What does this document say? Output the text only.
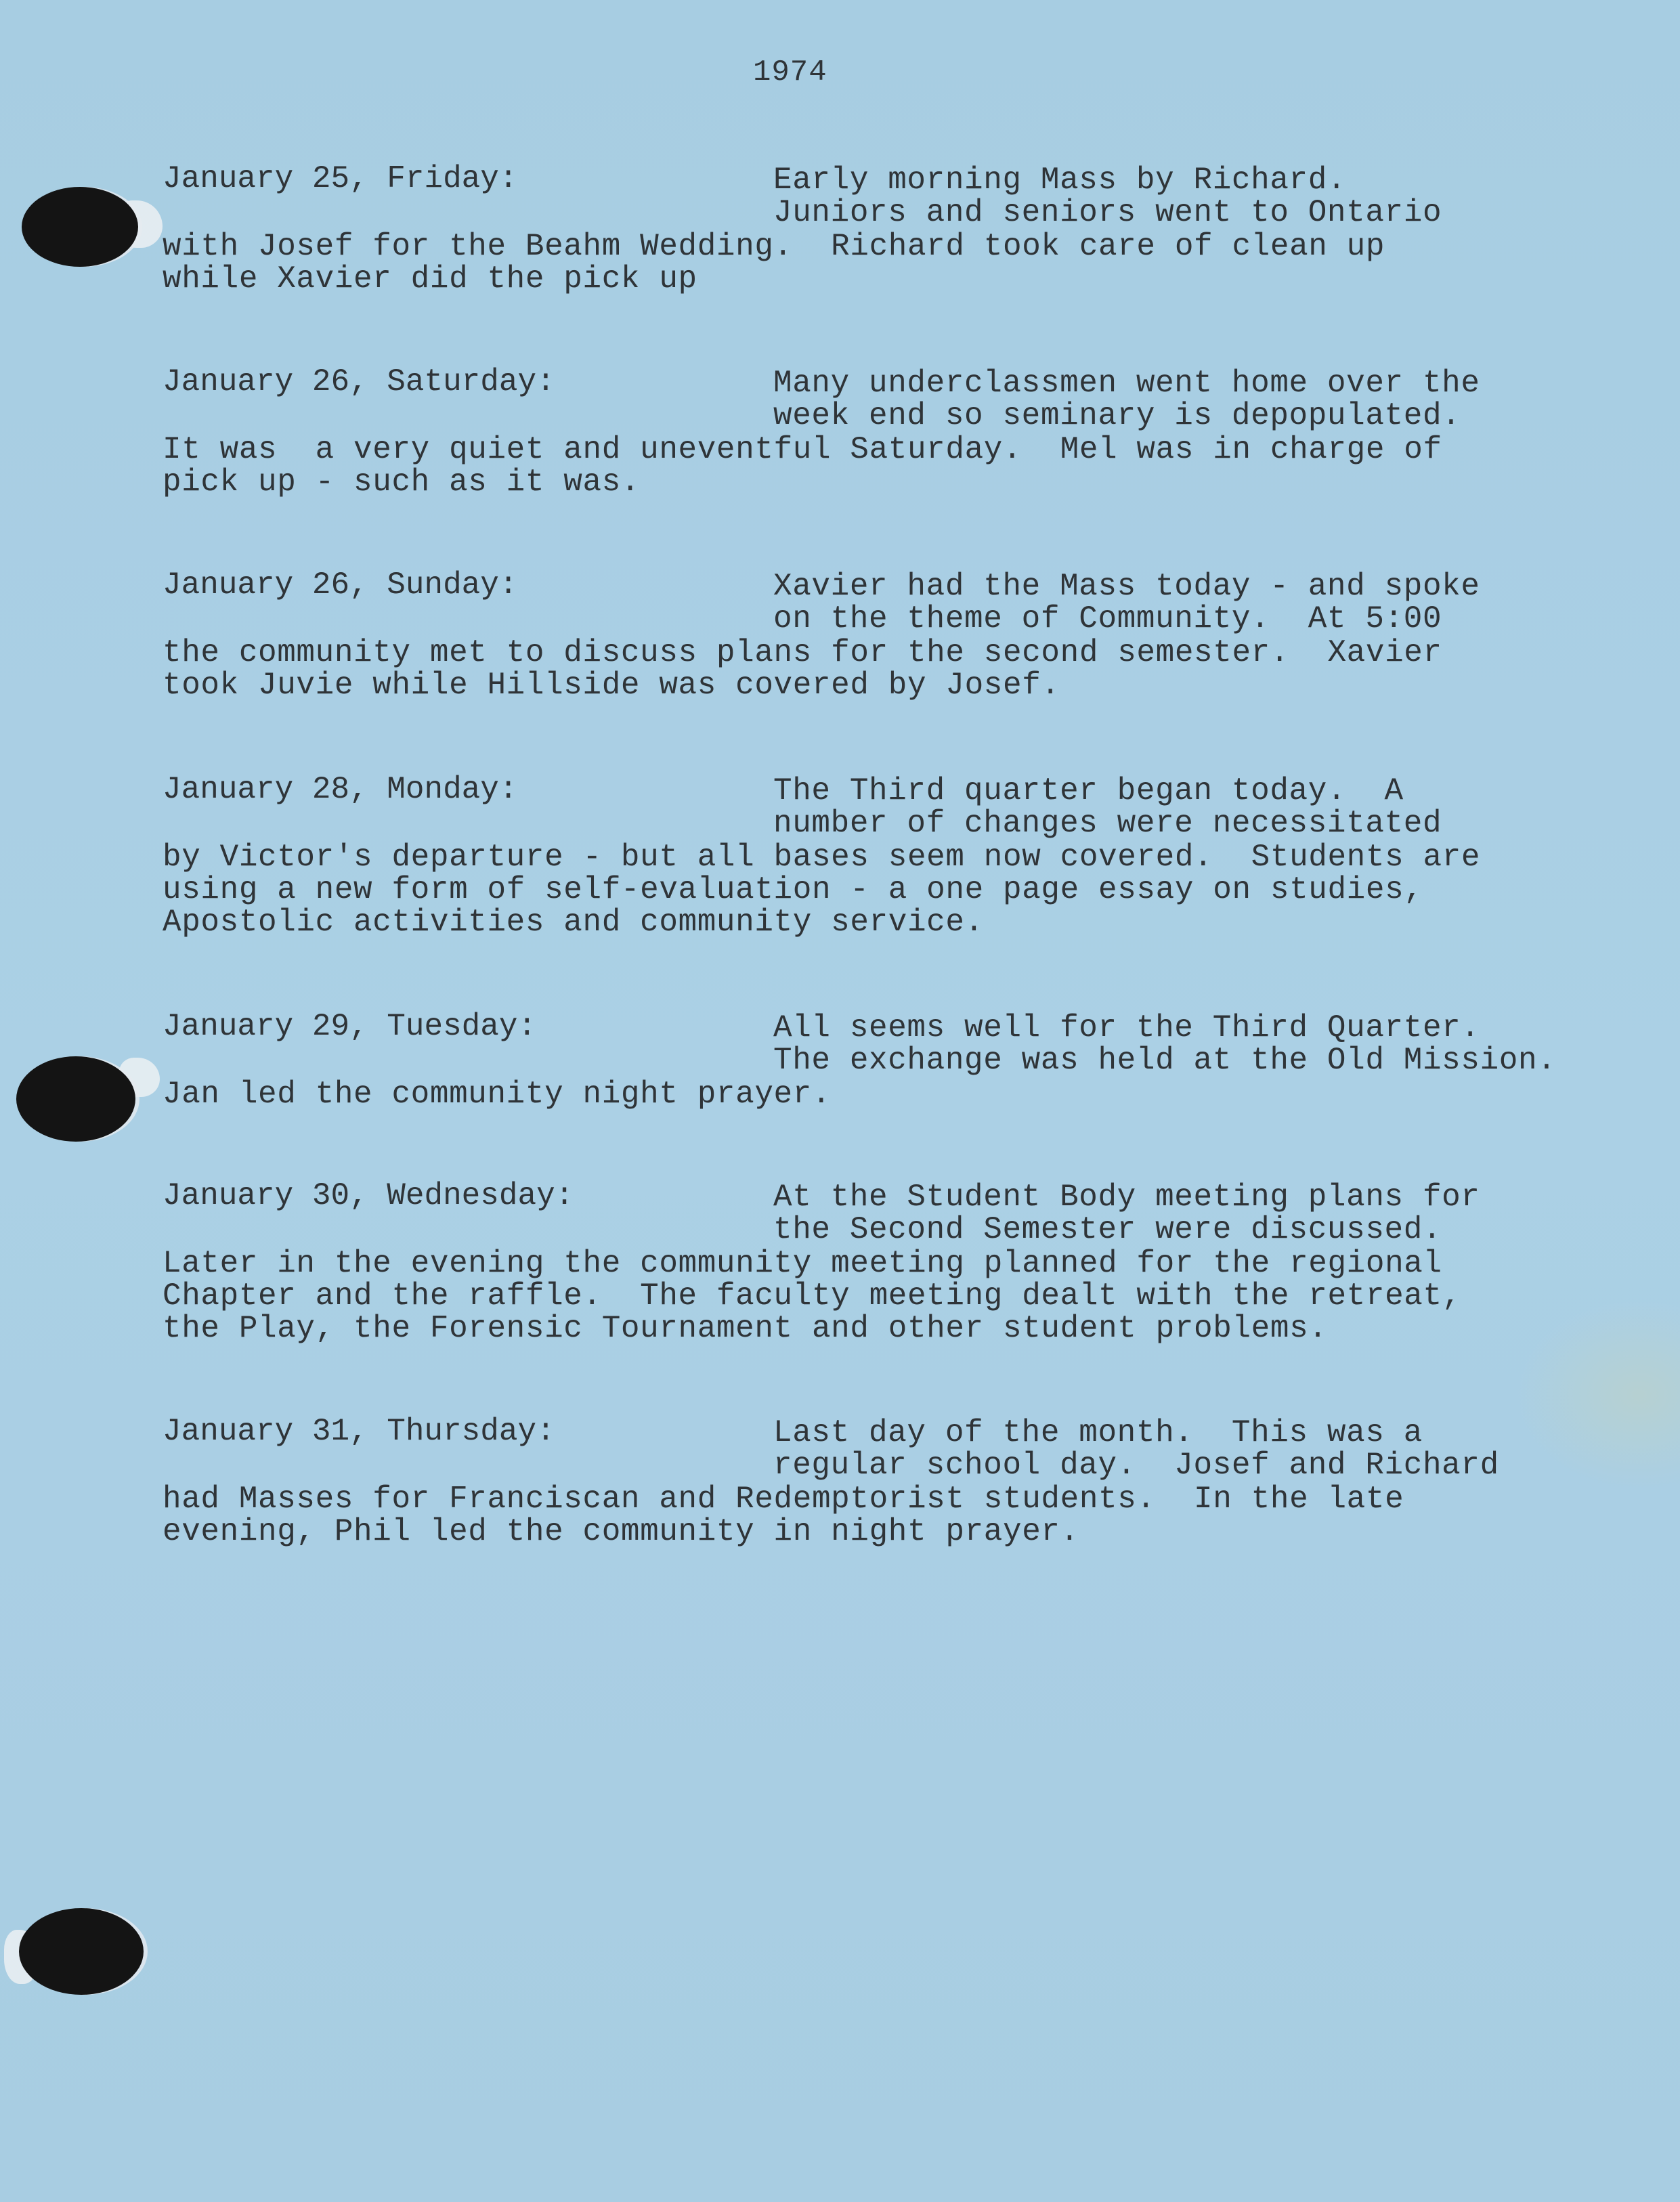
1974
January 25, Friday:	Early morning Mass by Richard.
Juniors and seniors went to Ontario
with Josef for the Beahm Wedding.  Richard took care of clean up
while Xavier did the pick up
January 26, Saturday:	Many underclassmen went home over the
week end so seminary is depopulated.
It was  a very quiet and uneventful Saturday.  Mel was in charge of
pick up - such as it was.
January 26, Sunday:	Xavier had the Mass today - and spoke
on the theme of Community.  At 5:00
the community met to discuss plans for the second semester.  Xavier
took Juvie while Hillside was covered by Josef.
January 28, Monday:	The Third quarter began today.  A
number of changes were necessitated
by Victor's departure - but all bases seem now covered.  Students are
using a new form of self-evaluation - a one page essay on studies,
Apostolic activities and community service.
January 29, Tuesday:	All seems well for the Third Quarter.
The exchange was held at the Old Mission.
Jan led the community night prayer.
January 30, Wednesday:	At the Student Body meeting plans for
the Second Semester were discussed.
Later in the evening the community meeting planned for the regional
Chapter and the raffle.  The faculty meeting dealt with the retreat,
the Play, the Forensic Tournament and other student problems.
January 31, Thursday:	Last day of the month.  This was a
regular school day.  Josef and Richard
had Masses for Franciscan and Redemptorist students.  In the late
evening, Phil led the community in night prayer.
